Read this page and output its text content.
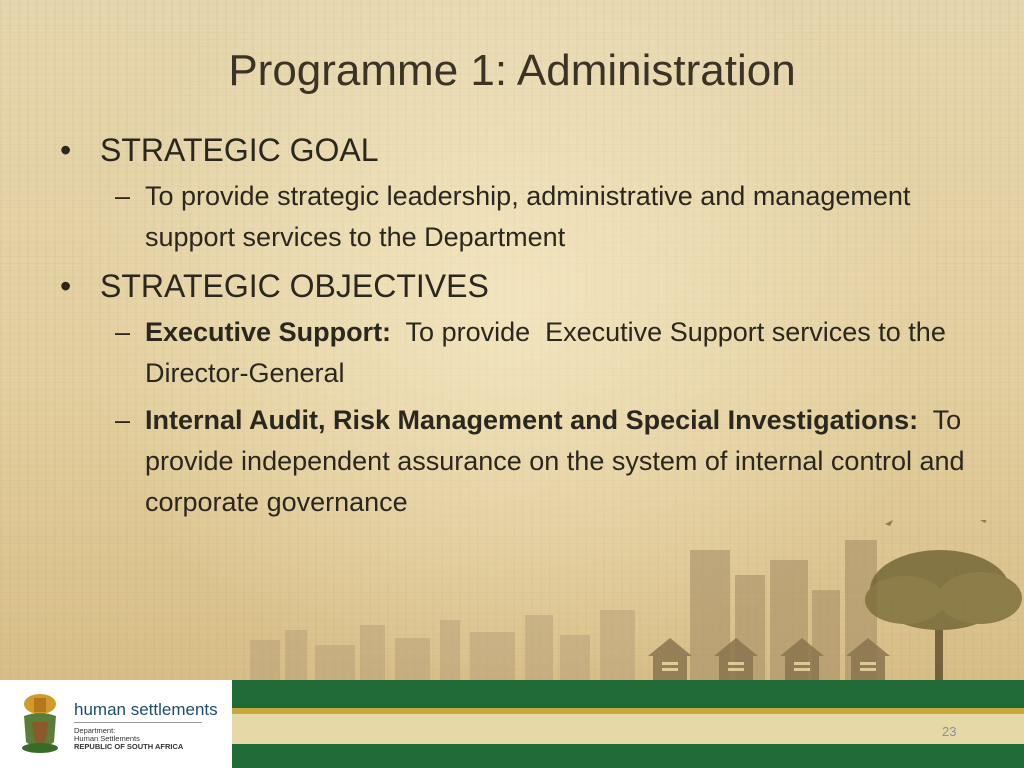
Programme 1: Administration
• STRATEGIC GOAL
– To provide strategic leadership, administrative and management support services to the Department
• STRATEGIC OBJECTIVES
– Executive Support:  To provide  Executive Support services to the Director-General
– Internal Audit, Risk Management and Special Investigations:  To provide independent assurance on the system of internal control and corporate governance
human settlements
Department:
Human Settlements
REPUBLIC OF SOUTH AFRICA
23
